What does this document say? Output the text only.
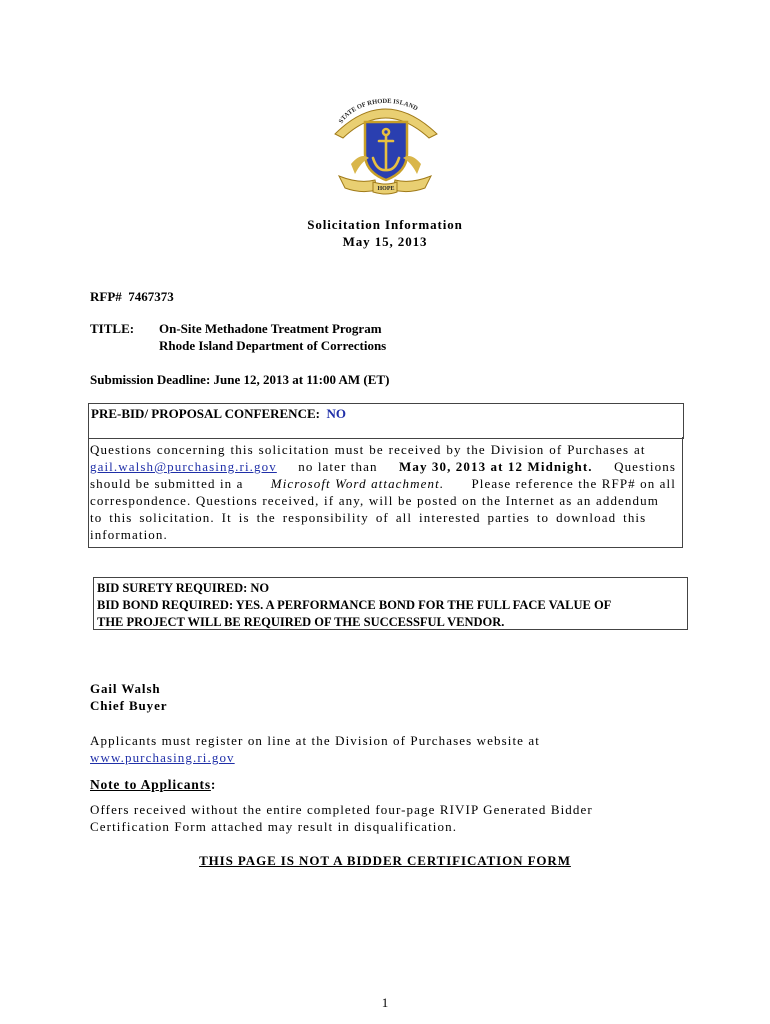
STATE OF RHODE ISLAND
HOPE
Solicitation Information
May 15, 2013
RFP# 7467373
TITLE: On-Site Methadone Treatment Program
Rhode Island Department of Corrections
Submission Deadline: June 12, 2013 at 11:00 AM (ET)
PRE-BID/ PROPOSAL CONFERENCE: NO
Questions concerning this solicitation must be received by the Division of Purchases at
gail.walsh@purchasing.ri.gov no later than May 30, 2013 at 12 Midnight. Questions
should be submitted in a Microsoft Word attachment. Please reference the RFP# on all
correspondence. Questions received, if any, will be posted on the Internet as an addendum
to this solicitation. It is the responsibility of all interested parties to download this
information.
BID SURETY REQUIRED: NO
BID BOND REQUIRED: YES. A PERFORMANCE BOND FOR THE FULL FACE VALUE OF
THE PROJECT WILL BE REQUIRED OF THE SUCCESSFUL VENDOR.
Gail Walsh
Chief Buyer
Applicants must register on line at the Division of Purchases website at
www.purchasing.ri.gov
Note to Applicants:
Offers received without the entire completed four-page RIVIP Generated Bidder
Certification Form attached may result in disqualification.
THIS PAGE IS NOT A BIDDER CERTIFICATION FORM
1
